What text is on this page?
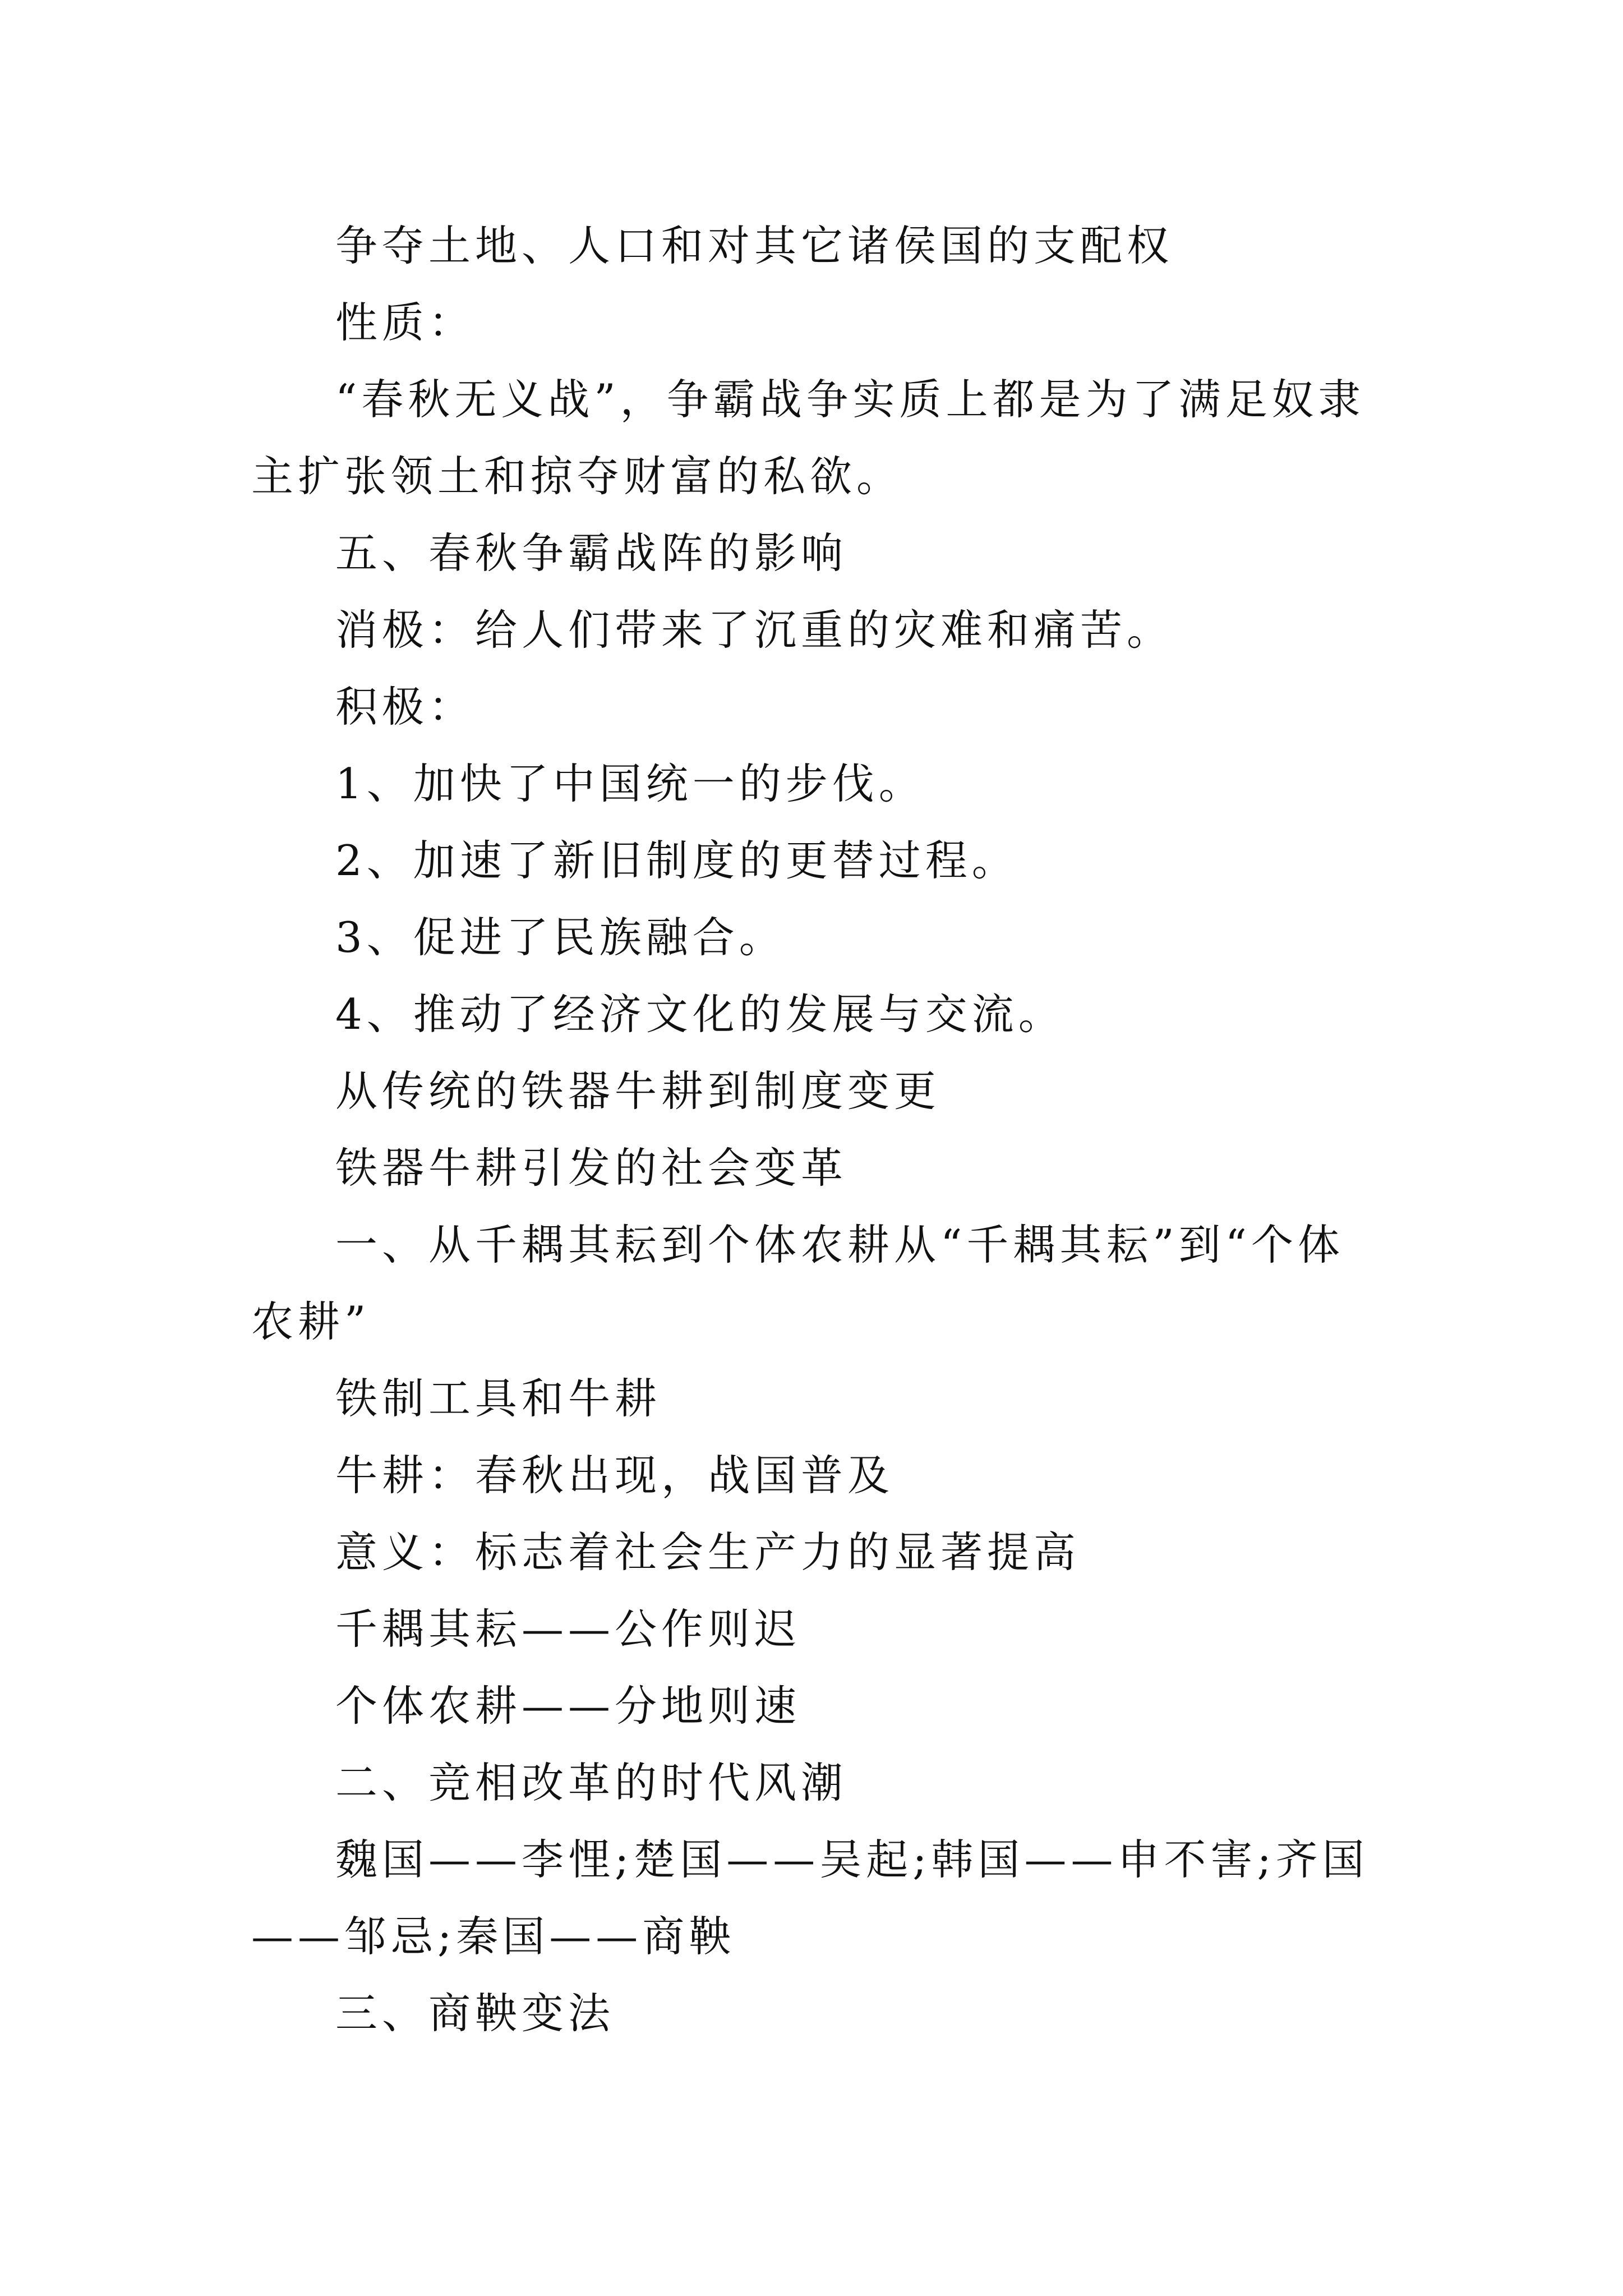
争夺土地、人口和对其它诸侯国的支配权

性质：

“春秋无义战”，争霸战争实质上都是为了满足奴隶主扩张领土和掠夺财富的私欲。

五、春秋争霸战阵的影响

消极：给人们带来了沉重的灾难和痛苦。

积极：

1、加快了中国统一的步伐。

2、加速了新旧制度的更替过程。

3、促进了民族融合。

4、推动了经济文化的发展与交流。

从传统的铁器牛耕到制度变更

铁器牛耕引发的社会变革

一、从千耦其耘到个体农耕从“千耦其耘”到“个体农耕”

铁制工具和牛耕

牛耕：春秋出现，战国普及

意义：标志着社会生产力的显著提高

千耦其耘——公作则迟

个体农耕——分地则速

二、竞相改革的时代风潮

魏国——李悝;楚国——吴起;韩国——申不害;齐国——邹忌;秦国——商鞅

三、商鞅变法
